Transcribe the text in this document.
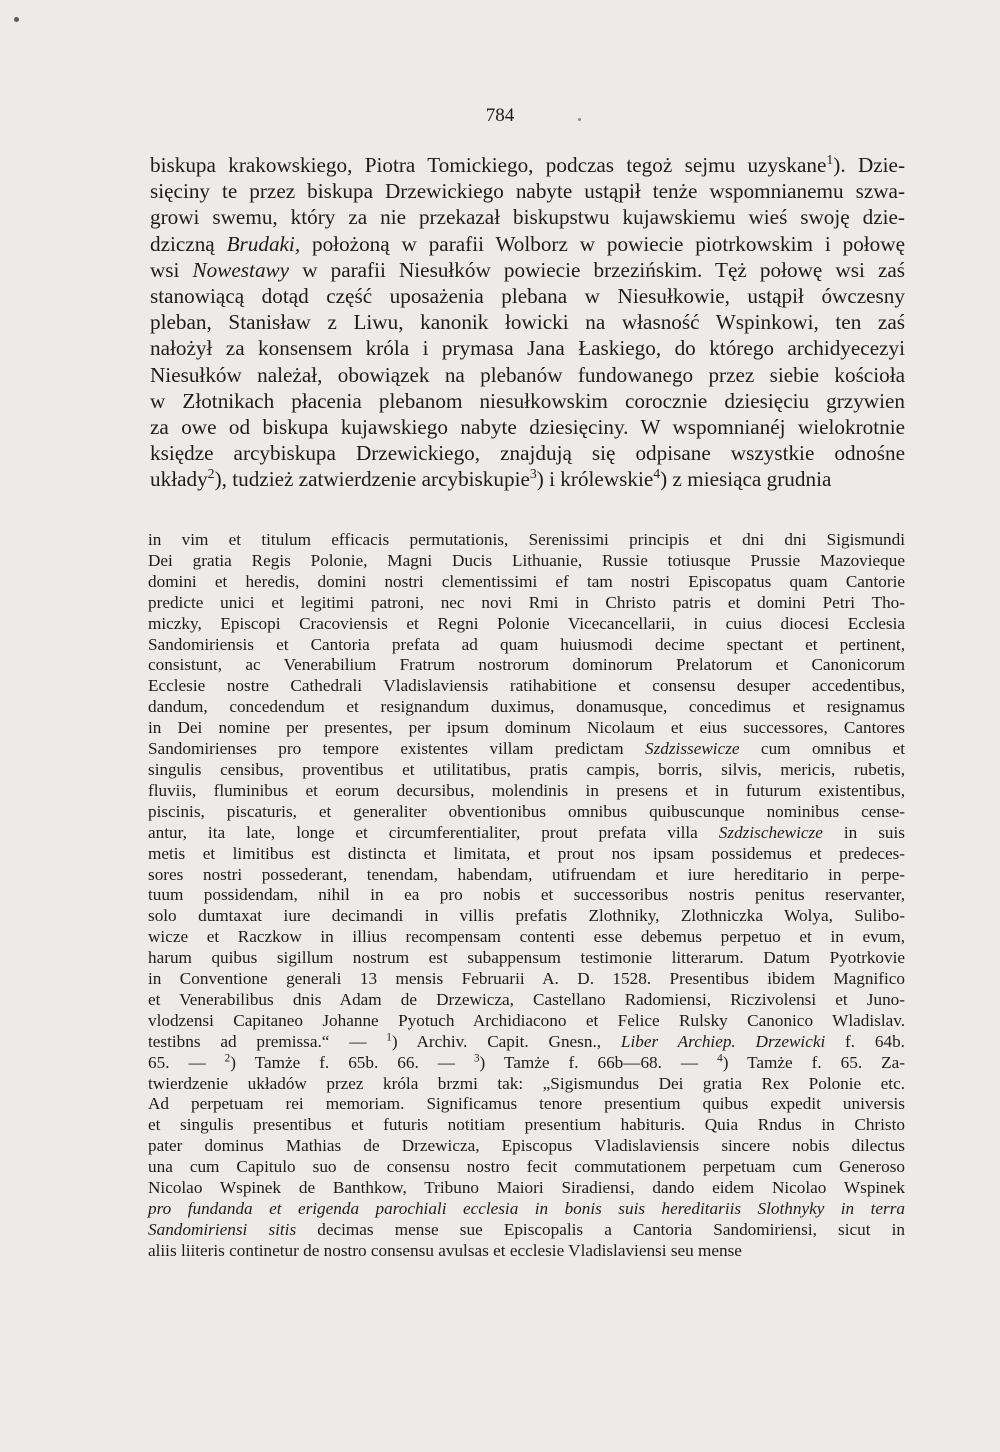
784
biskupa krakowskiego, Piotra Tomickiego, podczas tegoż sejmu uzyskane$^1$). Dzie-
sięciny te przez biskupa Drzewickiego nabyte ustąpił tenże wspomnianemu szwa-
growi swemu, który za nie przekazał biskupstwu kujawskiemu wieś swoję dzie-
dziczną Brudaki, położoną w parafii Wolborz w powiecie piotrkowskim i połowę
wsi Nowestawy w parafii Niesułków powiecie brzezińskim. Tęż połowę wsi zaś
stanowiącą dotąd część uposażenia plebana w Niesułkowie, ustąpił ówczesny
pleban, Stanisław z Liwu, kanonik łowicki na własność Wspinkowi, ten zaś
nałożył za konsensem króla i prymasa Jana Łaskiego, do którego archidyecezyi
Niesułków należał, obowiązek na plebanów fundowanego przez siebie kościoła
w Złotnikach płacenia plebanom niesułkowskim corocznie dziesięciu grzywien
za owe od biskupa kujawskiego nabyte dziesięciny. W wspomnianéj wielokrotnie
księdze arcybiskupa Drzewickiego, znajdują się odpisane wszystkie odnośne
układy$^2$), tudzież zatwierdzenie arcybiskupie$^3$) i królewskie$^4$) z miesiąca grudnia
in vim et titulum efficacis permutationis, Serenissimi principis et dni dni Sigismundi
Dei gratia Regis Polonie, Magni Ducis Lithuanie, Russie totiusque Prussie Mazovieque
domini et heredis, domini nostri clementissimi ef tam nostri Episcopatus quam Cantorie
predicte unici et legitimi patroni, nec novi Rmi in Christo patris et domini Petri Tho-
miczky, Episcopi Cracoviensis et Regni Polonie Vicecancellarii, in cuius diocesi Ecclesia
Sandomiriensis et Cantoria prefata ad quam huiusmodi decime spectant et pertinent,
consistunt, ac Venerabilium Fratrum nostrorum dominorum Prelatorum et Canonicorum
Ecclesie nostre Cathedrali Vladislaviensis ratihabitione et consensu desuper accedentibus,
dandum, concedendum et resignandum duximus, donamusque, concedimus et resignamus
in Dei nomine per presentes, per ipsum dominum Nicolaum et eius successores, Cantores
Sandomirienses pro tempore existentes villam predictam Szdzissewicze cum omnibus et
singulis censibus, proventibus et utilitatibus, pratis campis, borris, silvis, mericis, rubetis,
fluviis, fluminibus et eorum decursibus, molendinis in presens et in futurum existentibus,
piscinis, piscaturis, et generaliter obventionibus omnibus quibuscunque nominibus cense-
antur, ita late, longe et circumferentialiter, prout prefata villa Szdzischewicze in suis
metis et limitibus est distincta et limitata, et prout nos ipsam possidemus et predeces-
sores nostri possederant, tenendam, habendam, utifruendam et iure hereditario in perpe-
tuum possidendam, nihil in ea pro nobis et successoribus nostris penitus reservanter,
solo dumtaxat iure decimandi in villis prefatis Zlothniky, Zlothniczka Wolya, Sulibo-
wicze et Raczkow in illius recompensam contenti esse debemus perpetuo et in evum,
harum quibus sigillum nostrum est subappensum testimonie litterarum. Datum Pyotrkovie
in Conventione generali 13 mensis Februarii A. D. 1528. Presentibus ibidem Magnifico
et Venerabilibus dnis Adam de Drzewicza, Castellano Radomiensi, Riczivolensi et Juno-
vlodzensi Capitaneo Johanne Pyotuch Archidiacono et Felice Rulsky Canonico Wladislav.
testibns ad premissa.“ — $^1$) Archiv. Capit. Gnesn., Liber Archiep. Drzewicki f. 64b.
65. — $^2$) Tamże f. 65b. 66. — $^3$) Tamże f. 66b—68. — $^4$) Tamże f. 65. Za-
twierdzenie układów przez króla brzmi tak: „Sigismundus Dei gratia Rex Polonie etc.
Ad perpetuam rei memoriam. Significamus tenore presentium quibus expedit universis
et singulis presentibus et futuris notitiam presentium habituris. Quia Rndus in Christo
pater dominus Mathias de Drzewicza, Episcopus Vladislaviensis sincere nobis dilectus
una cum Capitulo suo de consensu nostro fecit commutationem perpetuam cum Generoso
Nicolao Wspinek de Banthkow, Tribuno Maiori Siradiensi, dando eidem Nicolao Wspinek
pro fundanda et erigenda parochiali ecclesia in bonis suis hereditariis Slothnyky in terra
Sandomiriensi sitis decimas mense sue Episcopalis a Cantoria Sandomiriensi, sicut in
aliis liiteris continetur de nostro consensu avulsas et ecclesie Vladislaviensi seu mense
